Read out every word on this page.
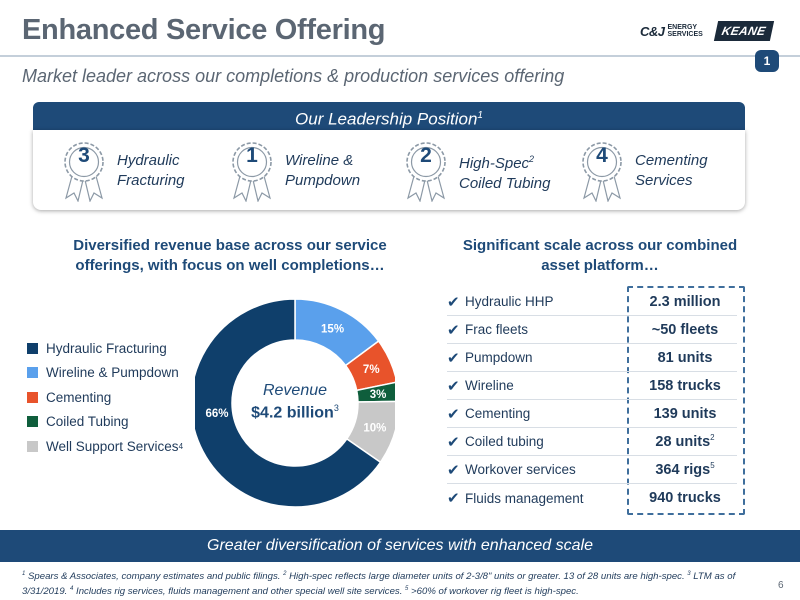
Enhanced Service Offering
Market leader across our completions & production services offering
C&J ENERGY
SERVICES	KEANE
1
Our Leadership Position$^1$
3	Hydraulic
Fracturing
1	Wireline &
Pumpdown
2	High-Spec$^2$
Coiled Tubing
4	Cementing
Services
Diversified revenue base across our service
offerings, with focus on well completions…
Hydraulic Fracturing
Wireline & Pumpdown
Cementing
Coiled Tubing
Well Support Services 4
15%
7%
3%
10%
66%
Revenue
$4.2 billion$^3$
Significant scale across our combined
asset platform…
✔ Hydraulic HHP	2.3 million
✔ Frac fleets	~50 fleets
✔ Pumpdown	81 units
✔ Wireline	158 trucks
✔ Cementing	139 units
✔ Coiled tubing	28 units$^2$
✔ Workover services	364 rigs$^5$
✔ Fluids management	940 trucks
Greater diversification of services with enhanced scale
$^1$ Spears & Associates, company estimates and public filings. $^2$ High-spec reflects large diameter units of 2-3/8" units or greater. 13 of 28 units are high-spec. $^3$ LTM as of 3/31/2019. $^4$ Includes rig services, fluids management and other special well site services. $^5$ >60% of workover rig fleet is high-spec.
6
